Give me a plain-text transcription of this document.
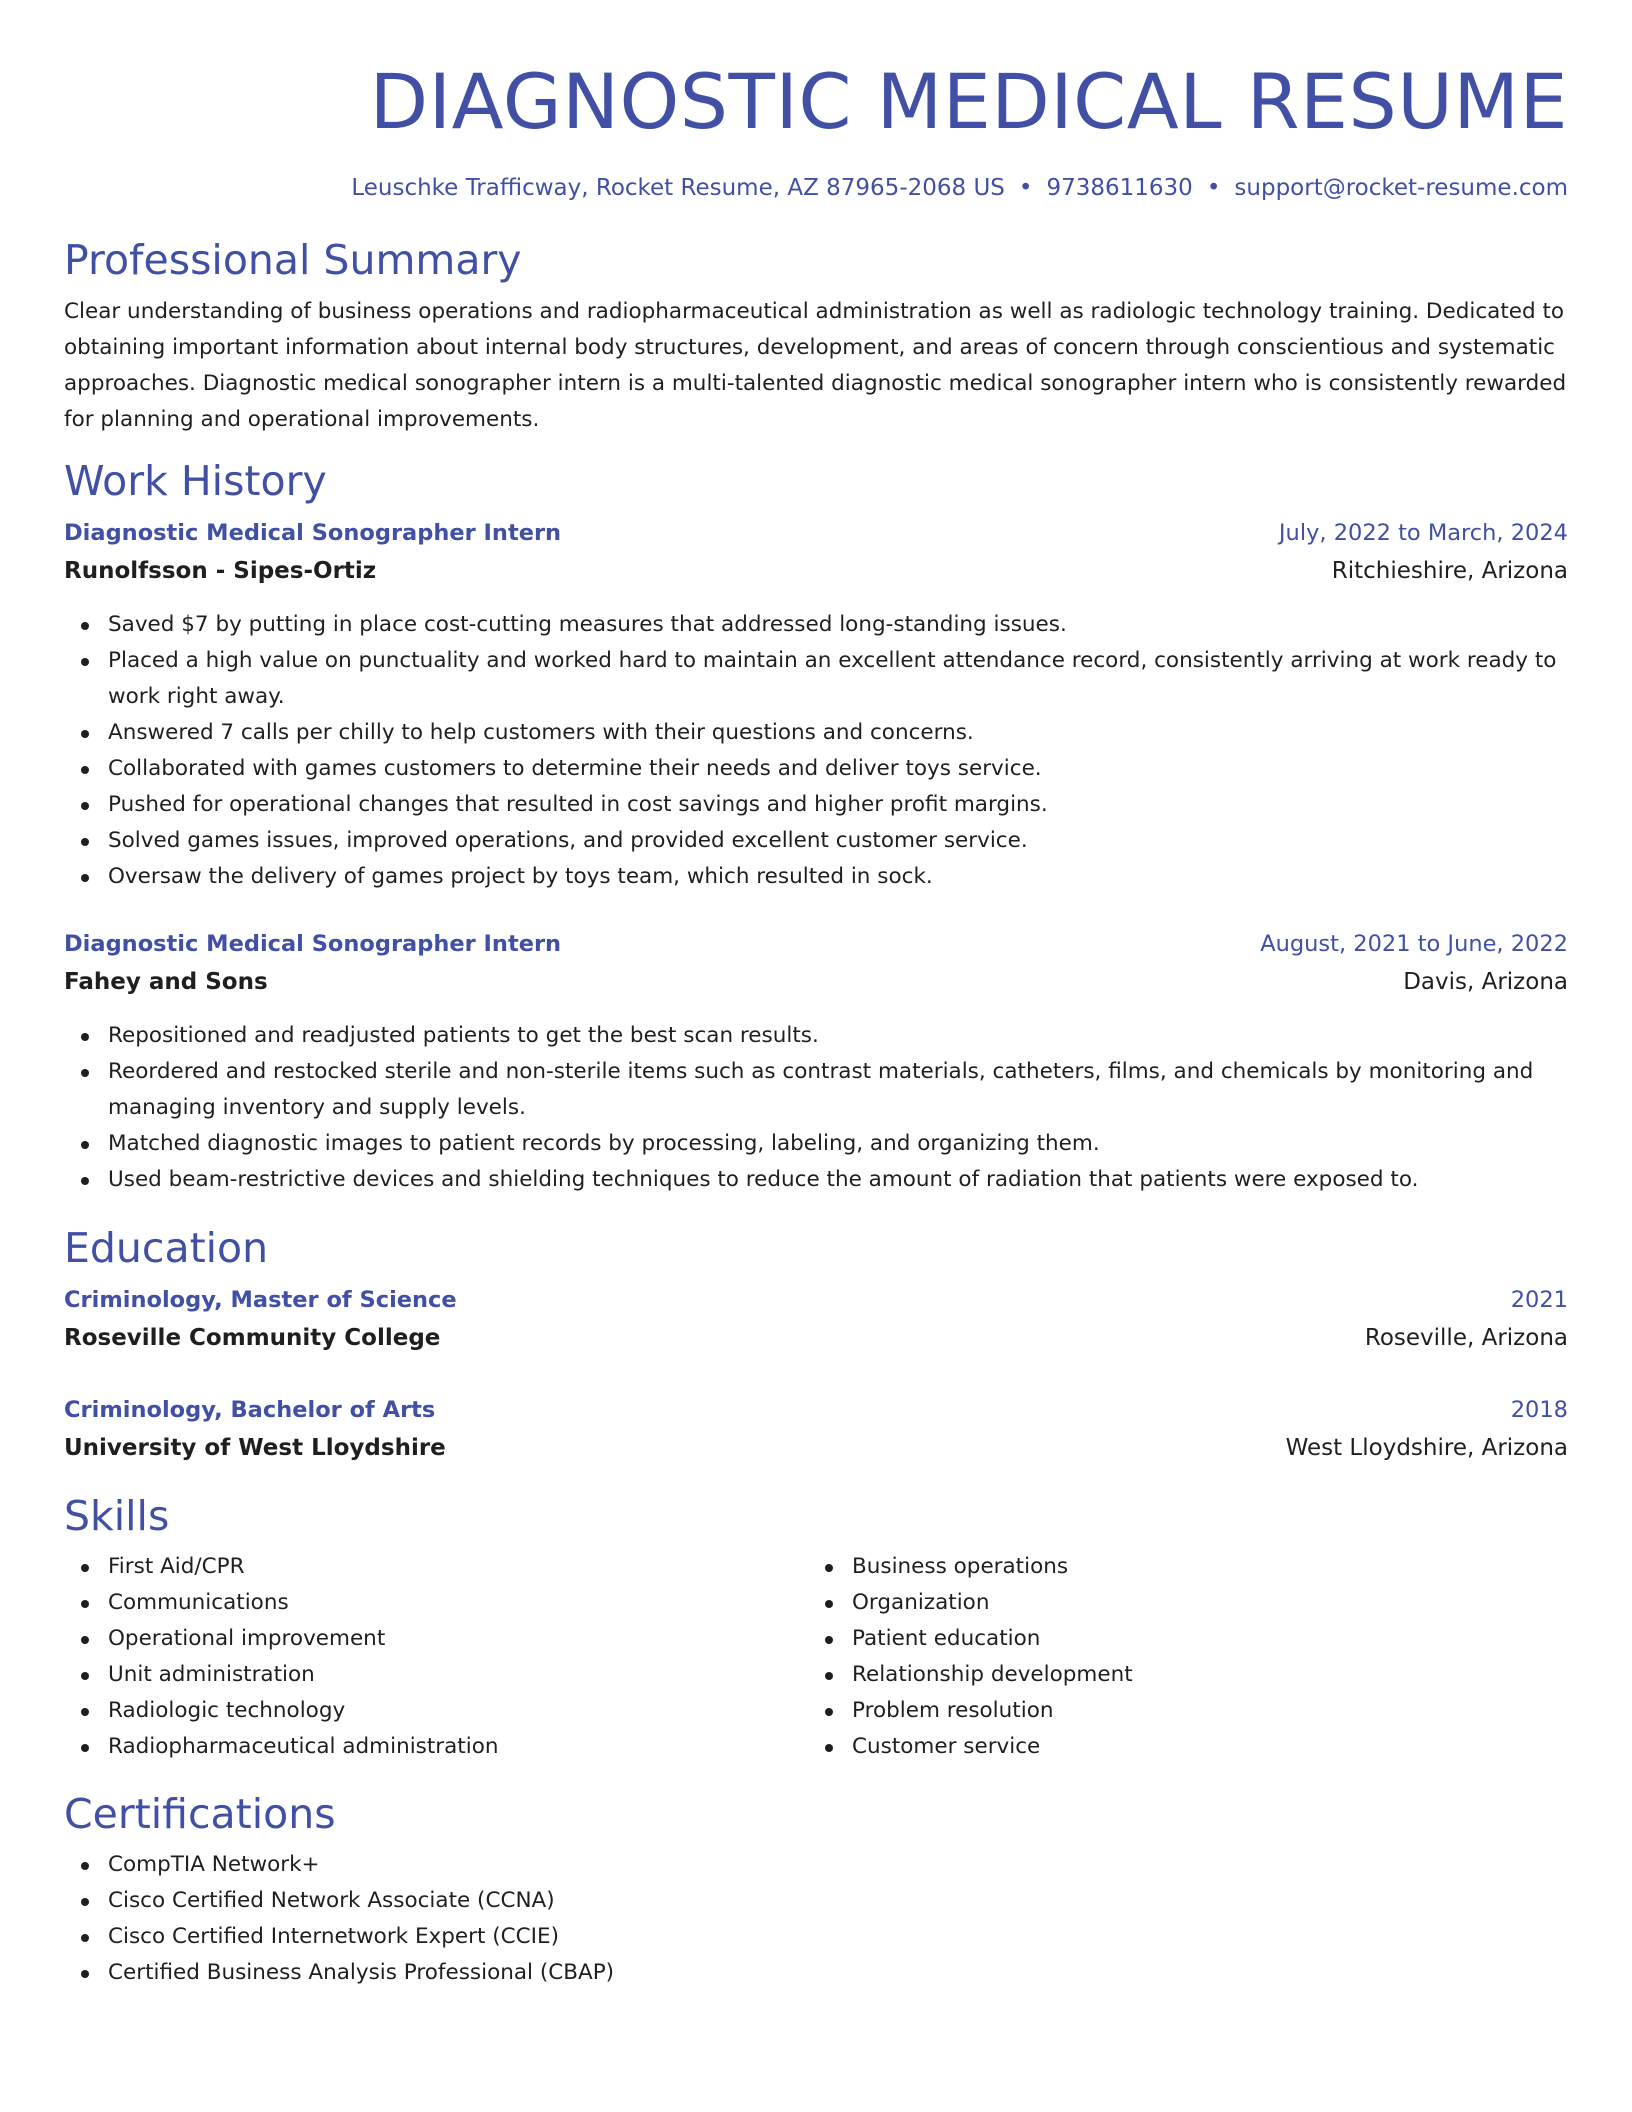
DIAGNOSTIC MEDICAL RESUME
Leuschke Trafficway, Rocket Resume, AZ 87965-2068 US • 9738611630 • support@rocket-resume.com
Professional Summary

Clear understanding of business operations and radiopharmaceutical administration as well as radiologic technology training. Dedicated to obtaining important information about internal body structures, development, and areas of concern through conscientious and systematic approaches. Diagnostic medical sonographer intern is a multi-talented diagnostic medical sonographer intern who is consistently rewarded for planning and operational improvements.

Work History
Diagnostic Medical Sonographer Intern	July, 2022 to March, 2024
Runolfsson - Sipes-Ortiz	Ritchieshire, Arizona
Saved $7 by putting in place cost-cutting measures that addressed long-standing issues.
Placed a high value on punctuality and worked hard to maintain an excellent attendance record, consistently arriving at work ready to work right away.
Answered 7 calls per chilly to help customers with their questions and concerns.
Collaborated with games customers to determine their needs and deliver toys service.
Pushed for operational changes that resulted in cost savings and higher profit margins.
Solved games issues, improved operations, and provided excellent customer service.
Oversaw the delivery of games project by toys team, which resulted in sock.
Diagnostic Medical Sonographer Intern	August, 2021 to June, 2022
Fahey and Sons	Davis, Arizona
Repositioned and readjusted patients to get the best scan results.
Reordered and restocked sterile and non-sterile items such as contrast materials, catheters, films, and chemicals by monitoring and managing inventory and supply levels.
Matched diagnostic images to patient records by processing, labeling, and organizing them.
Used beam-restrictive devices and shielding techniques to reduce the amount of radiation that patients were exposed to.
Education
Criminology, Master of Science	2021
Roseville Community College	Roseville, Arizona
Criminology, Bachelor of Arts	2018
University of West Lloydshire	West Lloydshire, Arizona
Skills
First Aid/CPR
Communications
Operational improvement
Unit administration
Radiologic technology
Radiopharmaceutical administration
Business operations
Organization
Patient education
Relationship development
Problem resolution
Customer service
Certifications
CompTIA Network+
Cisco Certified Network Associate (CCNA)
Cisco Certified Internetwork Expert (CCIE)
Certified Business Analysis Professional (CBAP)
